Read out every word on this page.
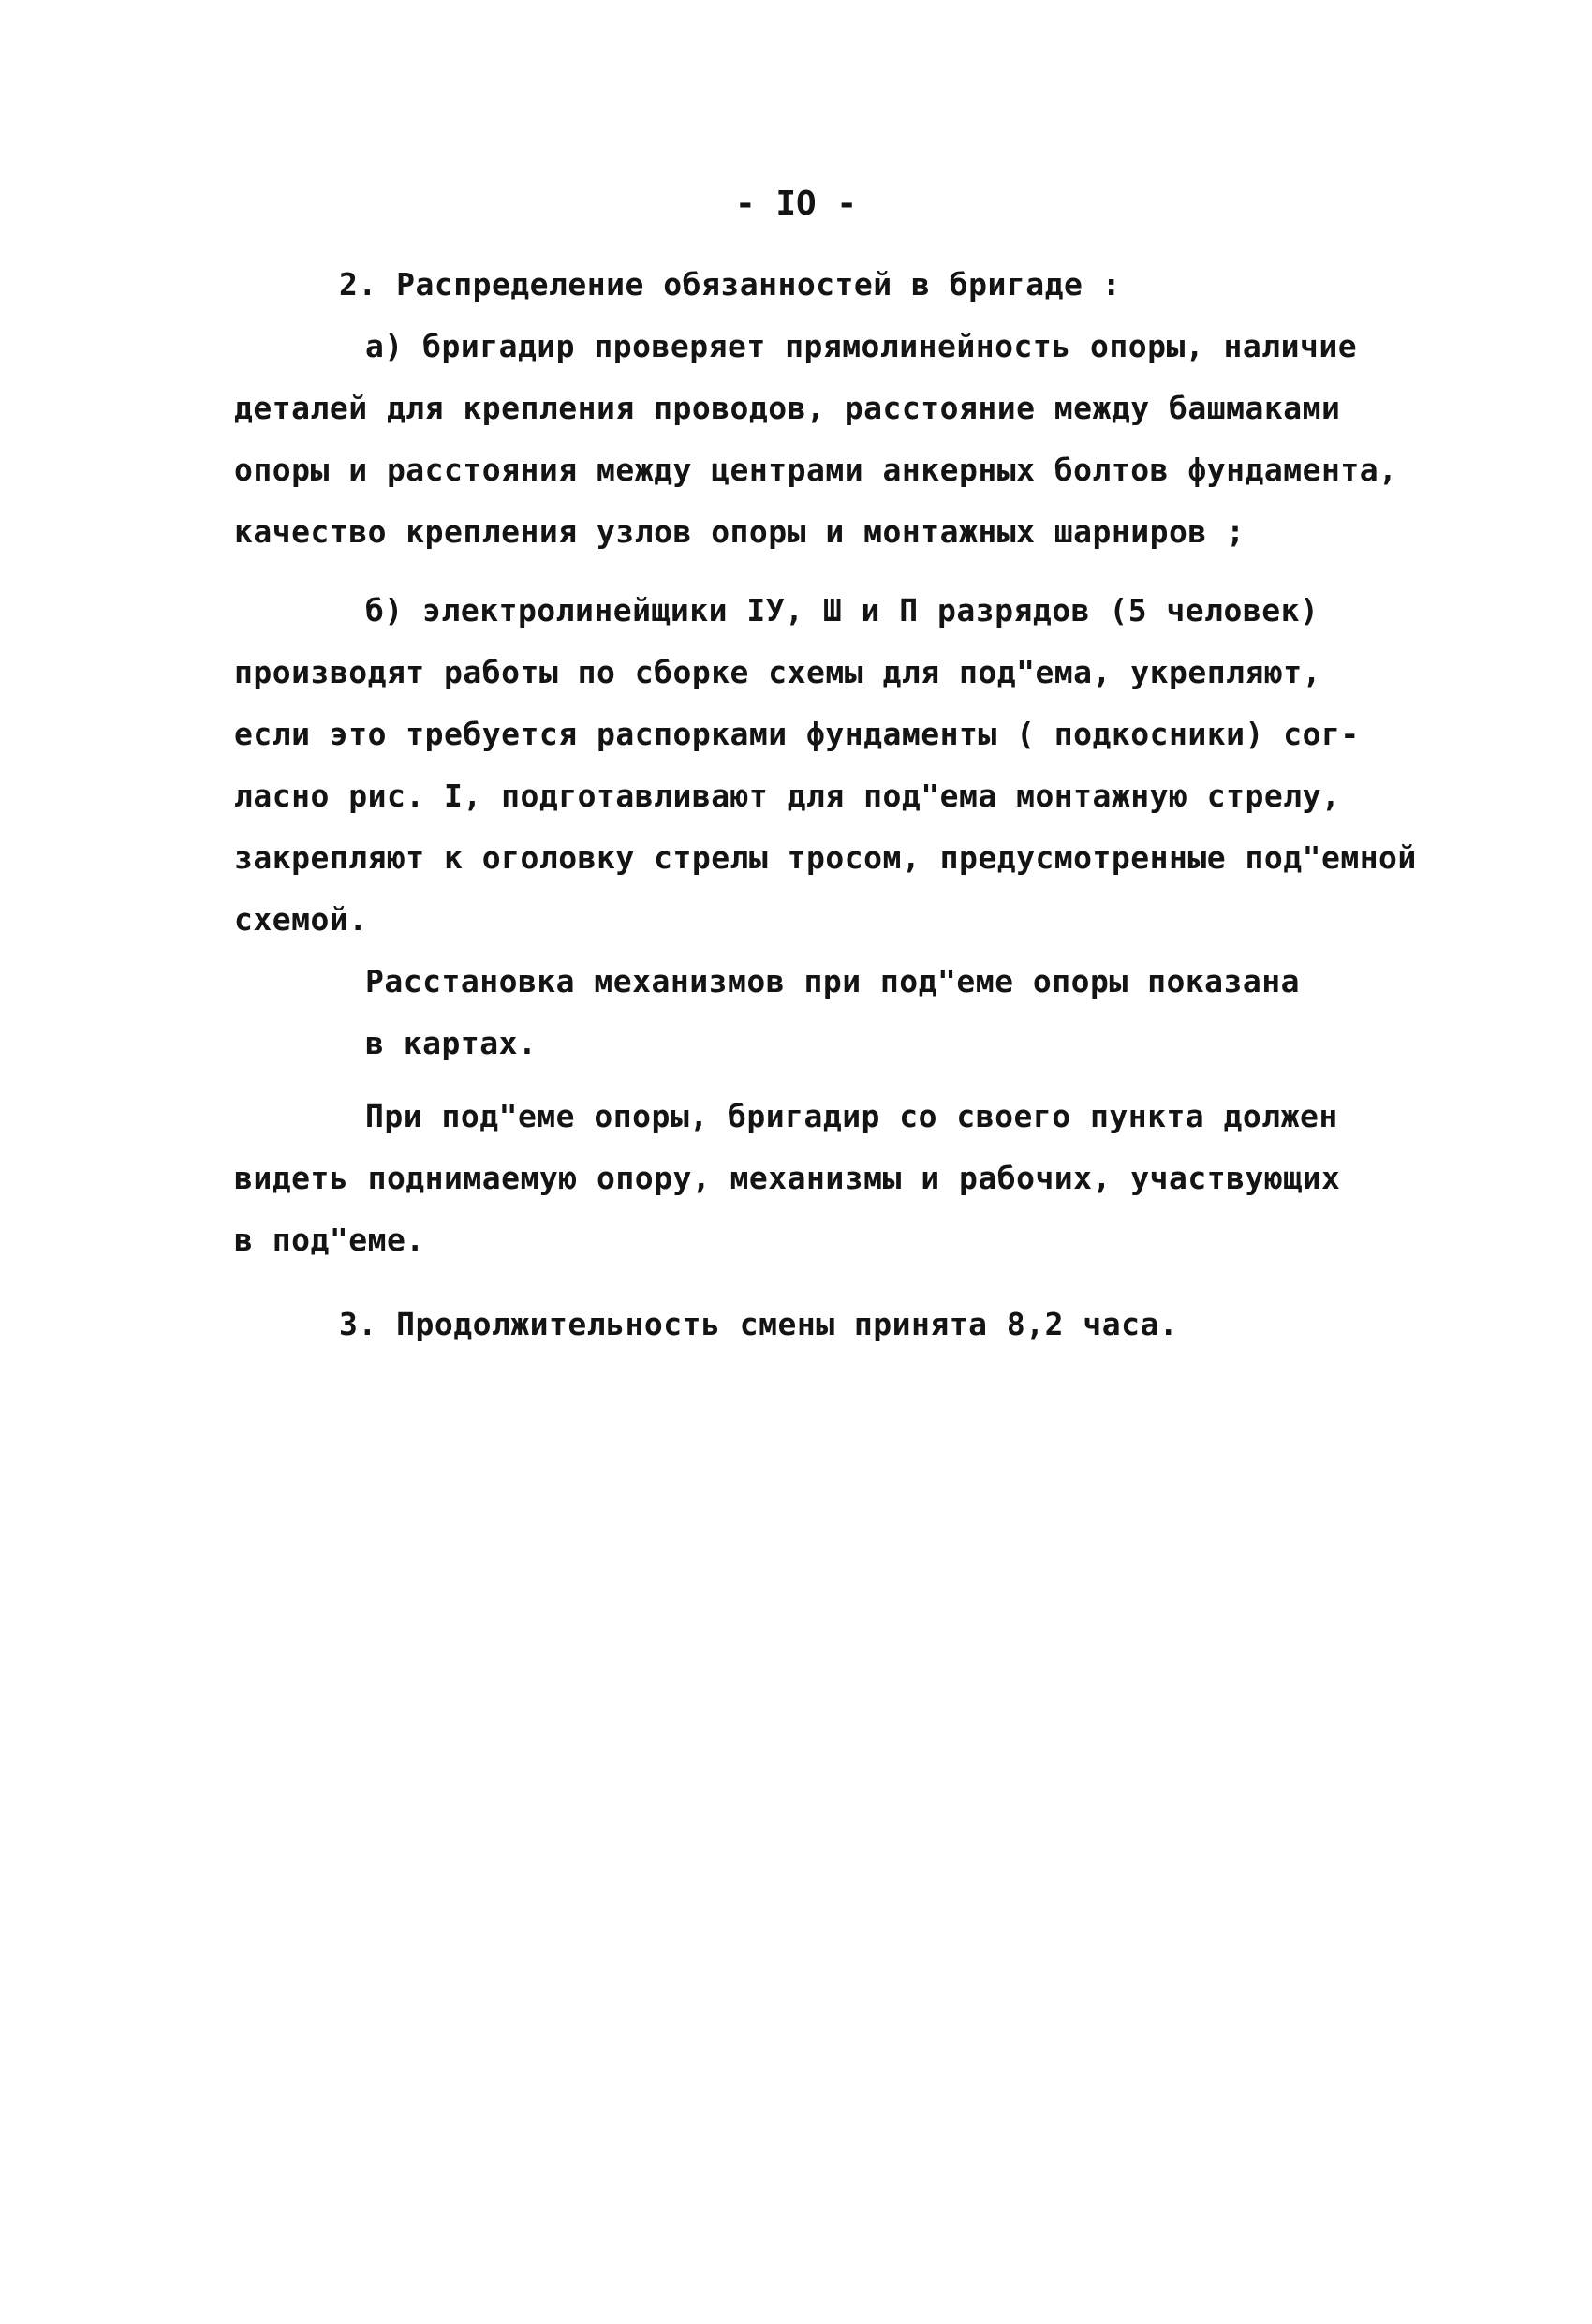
- IO -
2. Распределение обязанностей в бригаде :
а) бригадир проверяет прямолинейность опоры, наличие
деталей для крепления проводов, расстояние между башмаками
опоры и расстояния между центрами анкерных болтов фундамента,
качество крепления узлов опоры и монтажных шарниров ;
б) электролинейщики IУ, Ш и П разрядов (5 человек)
производят работы по сборке схемы для под"ема, укрепляют,
если это требуется распорками фундаменты ( подкосники) сог-
ласно рис. I, подготавливают для под"ема монтажную стрелу,
закрепляют к оголовку стрелы тросом, предусмотренные под"емной
схемой.
Расстановка механизмов при под"еме опоры показана
в картах.
При под"еме опоры, бригадир со своего пункта должен
видеть поднимаемую опору, механизмы и рабочих, участвующих
в под"еме.
3. Продолжительность смены принята 8,2 часа.
